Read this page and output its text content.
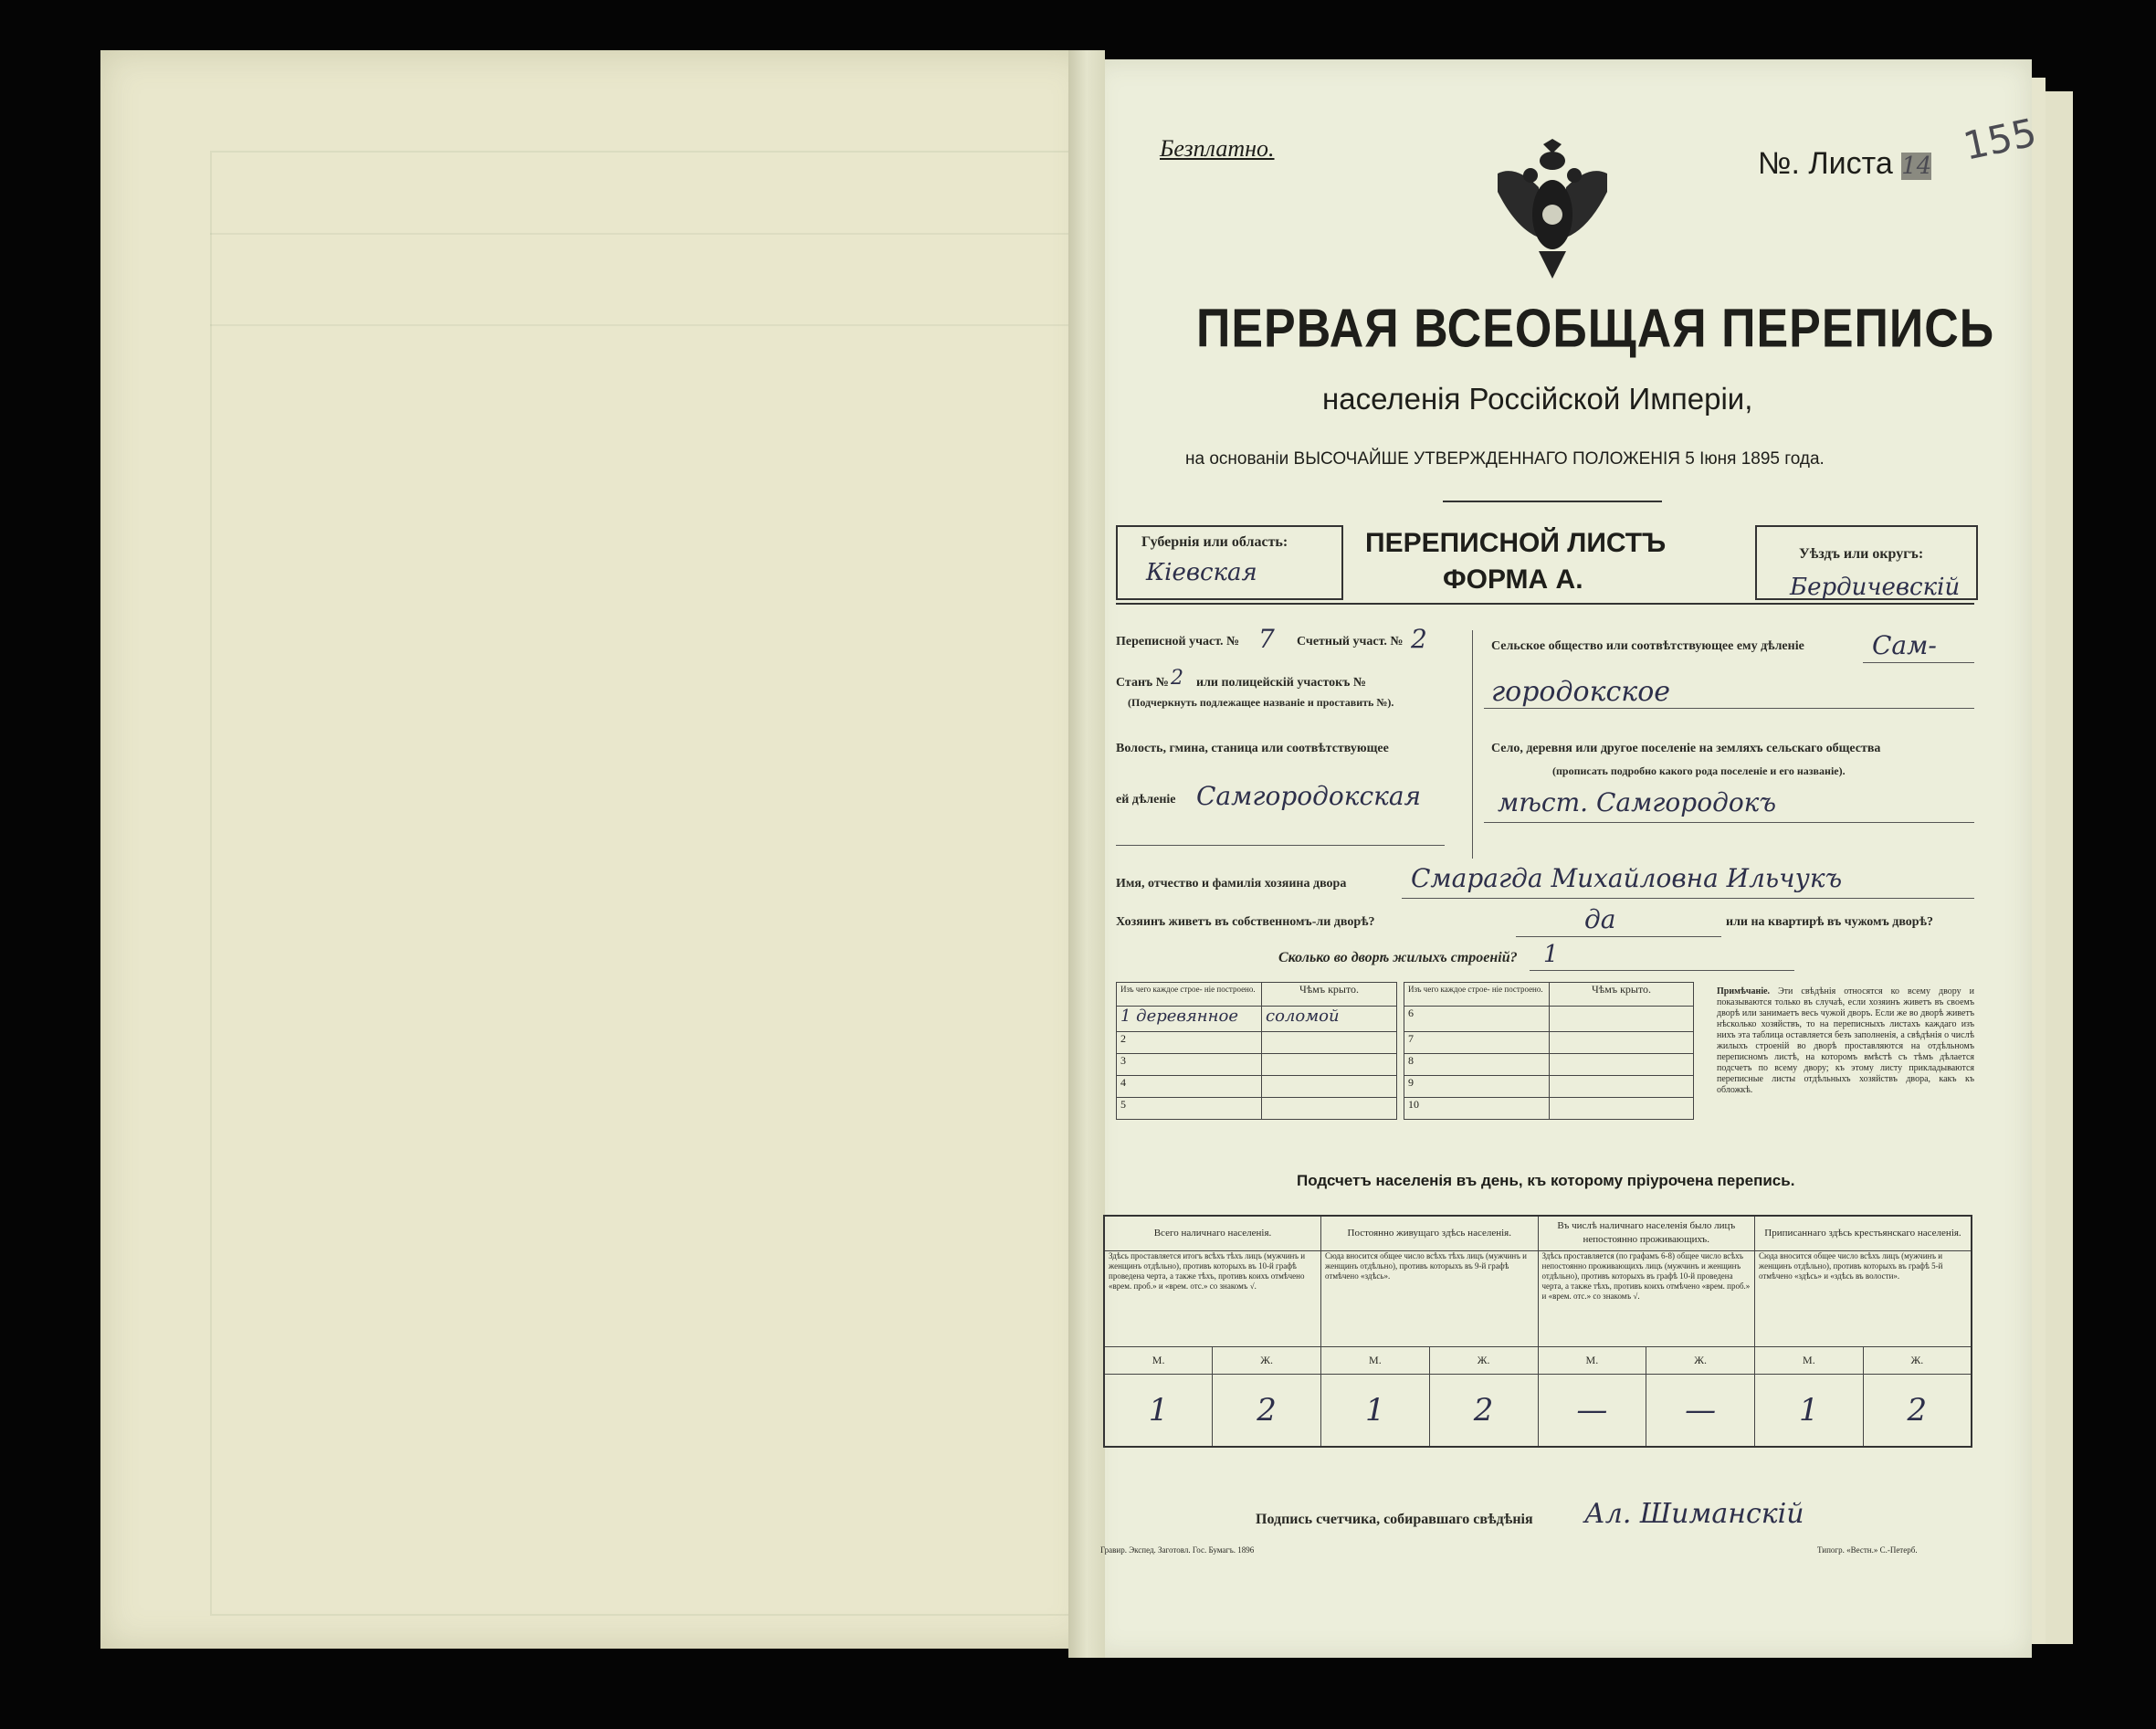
Безплатно.	№. Листа 14 155
ПЕРВАЯ ВСЕОБЩАЯ ПЕРЕПИСЬ
населенія Россійской Имперіи,
на основаніи ВЫСОЧАЙШЕ УТВЕРЖДЕННАГО ПОЛОЖЕНІЯ 5 Іюня 1895 года.
Губернія или область:
Кіевская
ПЕРЕПИСНОЙ ЛИСТЪ
ФОРМА А.
Уѣздъ или округъ:
Бердичевскій
Переписной участ. № 7 Счетный участ. № 2
Станъ № 2 или полицейскій участокъ №
(Подчеркнуть подлежащее названіе и проставить №).
Волость, гмина, станица или соотвѣтствующее
ей дѣленіе Самгородокская
Сельское общество или соотвѣтствующее ему дѣленіе	Сам-
городокское
Село, деревня или другое поселеніе на земляхъ сельскаго общества
(прописать подробно какого рода поселеніе и его названіе).
мѣст. Самгородокъ
Имя, отчество и фамилія хозяина двора	Смарагда Михайловна Ильчукъ
Хозяинъ живетъ въ собственномъ-ли дворѣ?	да	или на квартирѣ въ чужомъ дворѣ?
Сколько во дворѣ жилыхъ строеній? 1
Изъ чего каждое строе- ніе построено.	Чѣмъ крыто.
1 деревянное	соломой
2	
3	
4	
5	
Изъ чего каждое строе- ніе построено.	Чѣмъ крыто.
6	
7	
8	
9	
10	
Примѣчаніе. Эти свѣдѣнія относятся ко всему двору и показываются только въ случаѣ, если хозяинъ живетъ въ своемъ дворѣ или занимаетъ весь чужой дворъ. Если же во дворѣ живетъ нѣсколько хозяйствъ, то на переписныхъ листахъ каждаго изъ нихъ эта таблица оставляется безъ заполненія, а свѣдѣнія о числѣ жилыхъ строеній во дворѣ проставляются на отдѣльномъ переписномъ листѣ, на которомъ вмѣстѣ съ тѣмъ дѣлается подсчетъ по всему двору; къ этому листу прикладываются переписные листы отдѣльныхъ хозяйствъ двора, какъ къ обложкѣ.
Подсчетъ населенія въ день, къ которому пріурочена перепись.
Всего наличнаго населенія.		Постоянно живущаго здѣсь населенія.		Въ числѣ наличнаго населенія было лицъ непостоянно проживающихъ.		Приписаннаго здѣсь крестьянскаго населенія.	
Здѣсь проставляется итогъ всѣхъ тѣхъ лицъ (мужчинъ и женщинъ отдѣльно), противъ которыхъ въ 10-й графѣ проведена черта, а также тѣхъ, противъ коихъ отмѣчено «врем. проб.» и «врем. отс.» со знакомъ √.		Сюда вносится общее число всѣхъ тѣхъ лицъ (мужчинъ и женщинъ отдѣльно), противъ которыхъ въ 9-й графѣ отмѣчено «здѣсь».		Здѣсь проставляется (по графамъ 6-8) общее число всѣхъ непостоянно проживающихъ лицъ (мужчинъ и женщинъ отдѣльно), противъ которыхъ въ графѣ 10-й проведена черта, а также тѣхъ, противъ коихъ отмѣчено «врем. проб.» и «врем. отс.» со знакомъ √.		Сюда вносится общее число всѣхъ лицъ (мужчинъ и женщинъ отдѣльно), противъ которыхъ въ графѣ 5-й отмѣчено «здѣсь» и «здѣсь въ волости».	
М.	Ж.	М.	Ж.	М.	Ж.	М.	Ж.
1	2	1	2	—	—	1	2
Подпись счетчика, собиравшаго свѣдѣнія Ал. Шиманскій
Гравир. Экспед. Заготовл. Гос. Бумагъ. 1896	Типогр. «Вестн.» С.-Петерб.
